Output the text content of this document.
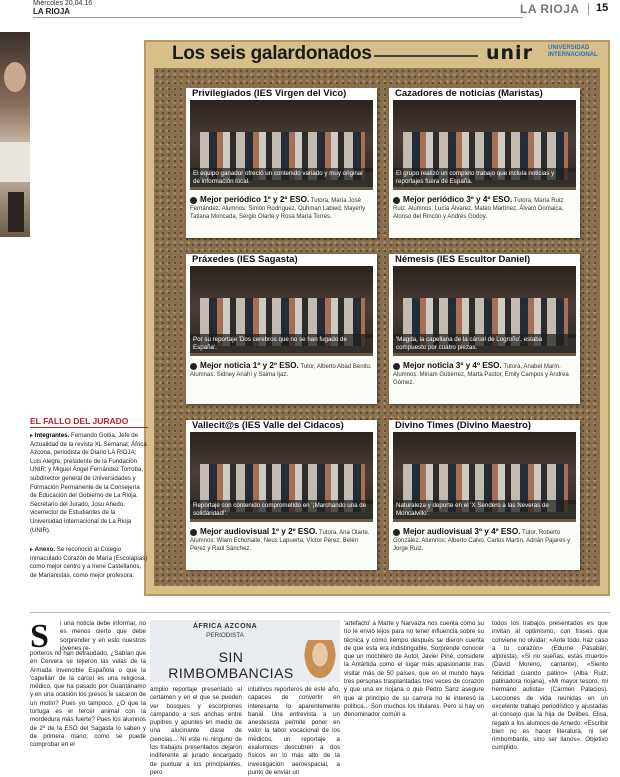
Miércoles 20.04.16
LA RIOJA	LA RIOJA 15
Los seis galardonados	unir	UNIVERSIDAD INTERNACIONAL
Privilegiados (IES Virgen del Vico)
El equipo ganador ofreció un contenido variado y muy original de información local.
Mejor periódico 1º y 2º ESO. Tutora, María José Fernández. Alumnos: Simón Rodríguez, Ouhman Labied, Mayerly Tatiana Moncada, Sergio Olarte y Rosa María Torres.
Cazadores de noticias (Maristas)
El grupo realizó un completo trabajo que incluía noticias y reportajes fuera de España.
Mejor periódico 3º y 4º ESO. Tutora, María Ruiz Ruiz. Alumnos: Lucía Álvarez, Mateo Martínez, Álvaro Domaica, Alonso del Rincón y Andrés Godoy.
Práxedes (IES Sagasta)
Por su reportaje 'Dos cerebros que no se han fugado de España'.
Mejor noticia 1º y 2º ESO. Tutor, Alberto Abad Benito. Alumnas: Sidney Anahí y Saima Ijaz.
Némesis (IES Escultor Daniel)
'Magda, la capellana de la cárcel de Logroño', estaba compuesto por cuatro piezas.
Mejor noticia 3º y 4º ESO. Tutora, Anabel Marín. Alumnos: Miriam Gutiérrez, Marta Pastor, Emily Campos y Andrea Gómez.
Vallecit@s (IES Valle del Cidacos)
Reportaje con contenido comprometido en '¡Marchando una de solidaridad!'.
Mejor audiovisual 1º y 2º ESO. Tutora, Ana Olarte. Alumnos: Wiam Echohaite, Neus Lapuerta, Víctor Pérez, Belén Pérez y Raúl Sánchez.
Divino Times (Divino Maestro)
Naturaleza y deporte en el 'X Sendero a las Neveras de Moncalvillo'.
Mejor audiovisual 3º y 4º ESO. Tutor, Roberto González. Alumnos: Alberto Calvo, Carlos Martín, Adrián Pajares y Jorge Ruiz.
EL FALLO DEL JURADO
▸ Integrantes. Fernando Goitia, Jefe de Actualidad de la revista XL Semanal; África Azcona, periodista de Diario LA RIOJA; Luis Alegre, presidente de la Fundación UNIR; y Miguel Ángel Fernández Torroba, subdirector general de Universidades y Formación Permanente de la Consejería de Educación del Gobierno de La Rioja. Secretario del Jurado, Josu Ahedo, vicerrector de Estudiantes de la Universidad Internacional de La Rioja (UNIR).
▸ Anexo. Se reconoció al Colegio Inmaculado Corazón de María (Escolapias) como mejor centro y a Irene Castellanos, de Marianistas, como mejor profesora.
S i una noticia debe informar, no es menos cierto que debe sorprender y en esto nuestros jóvenes re-
porteros no han defraudado. ¿Sabían que en Cervera se tejieron las velas de la Armada Invencible Española o que la 'capellán' de la cárcel es una religiosa, médico, que ha pasado por Guantánamo y en una ocasión los presos le sacaron de un motín? Pues yo tampoco. ¿O que la tortuga es el tercer animal con la mordedura más fuerte? Pues los alumnos de 2º de la ESO del Sagasta lo saben y de primera mano, como se puede comprobar en el
ÁFRICA AZCONA
PERIODISTA
SIN RIMBOMBANCIAS
amplio reportaje presentado al certamen y en el que se pueden ver bosques y escorpiones campando a sus anchas entre pupitres y apuntes en medio de una alucinante clase de ciencias... Ni este ni ninguno de los trabajos presentados dejaron indiferente al jurado encargado de puntuar a los principiantes, pero
intuitivos reporteros de este año, capaces de convertir en interesante lo aparentemente banal. Una entrevista a un anestesista permite poner en valor la labor vocacional de los médicos, un reportaje a exalumnos descubren a dos físicos en lo más alto de la investigación aeroespacial, a punto de enviar un
'artefacto' a Marte y Narvaiza nos cuenta cómo su tío le envió lejos para no tener influencia sobre su técnica y cómo tiempo después se dieron cuenta de que esta era indistinguible. Sorprende conocer que un mochilero de Autol, Javier Piné, considere la Antártida como el lugar más apasionante tras visitar más de 50 países, que en el mundo haya tres personas trasplantadas tres veces de corazón y que una ex riojana o que Pedro Sanz asegure que al principio de su carrera no le interesó la política... Son muchos los titulares. Pero si hay un denominador común a
todos los trabajos presentados es que invitan al optimismo, con frases que conviene no olvidar: «Ante todo, haz caso a tu corazón» (Edurne Pasabán, alpinista), «Si no sueñas, estás muerto» (David Moreno, cantante), «Siento felicidad cuando patino» (Alba Ruiz, patinadora riojana), «Mi mayor tesoro, mi hermano autista» (Carmen Palacios). Lecciones de vida reunidas en un excelente trabajo periodístico y ajustadas al consejo que la hija de Delibes, Elisa, regaló a los alumnos de Arnedo: «Escribir bien no es hacer literatura, ni ser rimbombante, sino ser llanos». Objetivo cumplido.
